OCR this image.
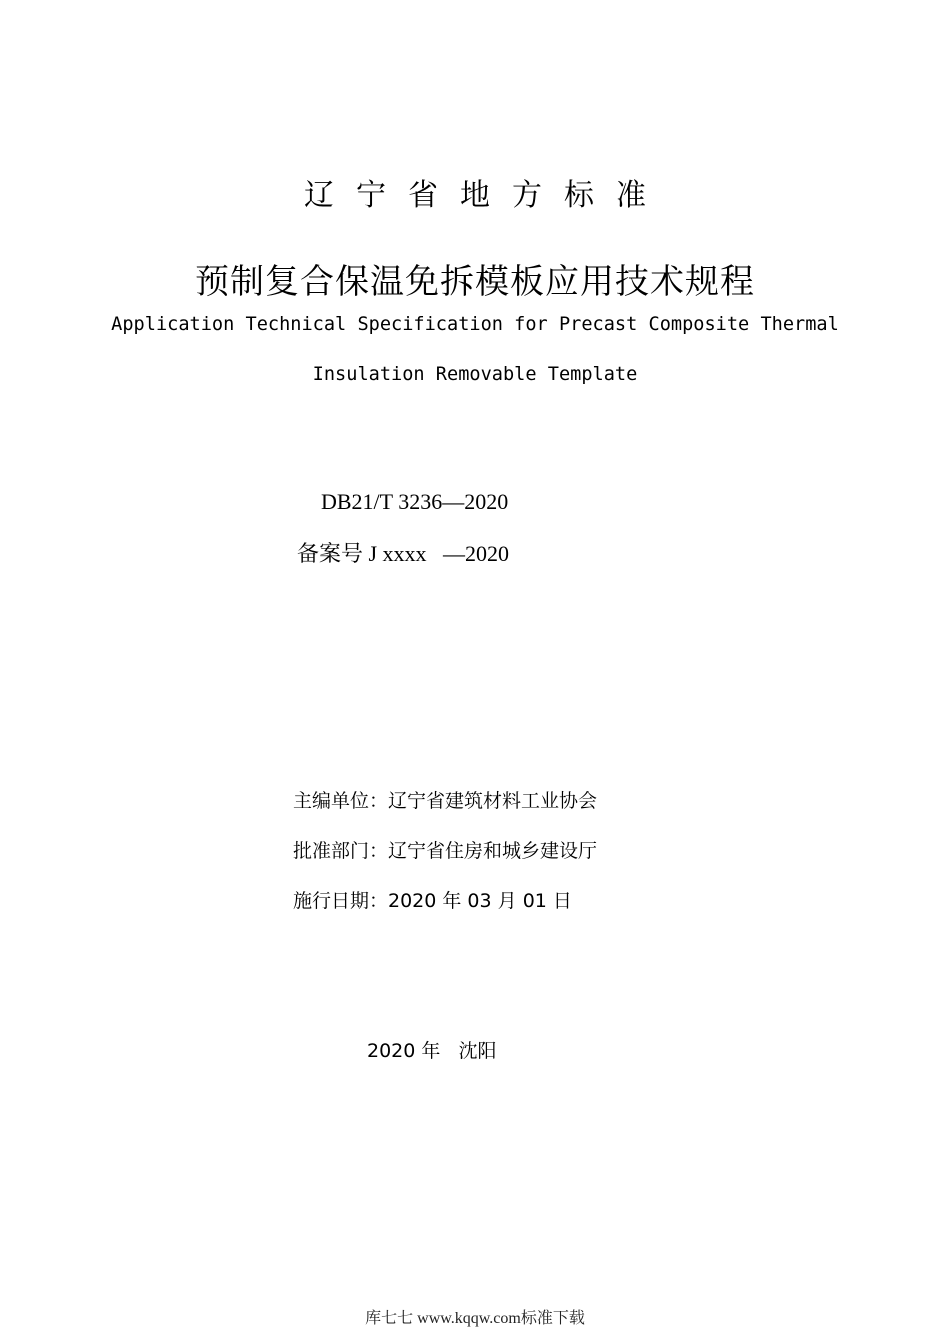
辽宁省地方标准
预制复合保温免拆模板应用技术规程
Application Technical Specification for Precast Composite Thermal
Insulation Removable Template
DB21/T 3236—2020
备案号 J xxxx   —2020
主编单位：辽宁省建筑材料工业协会
批准部门：辽宁省住房和城乡建设厅
施行日期：2020 年 03 月 01 日
2020 年   沈阳
库七七 www.kqqw.com标准下载
